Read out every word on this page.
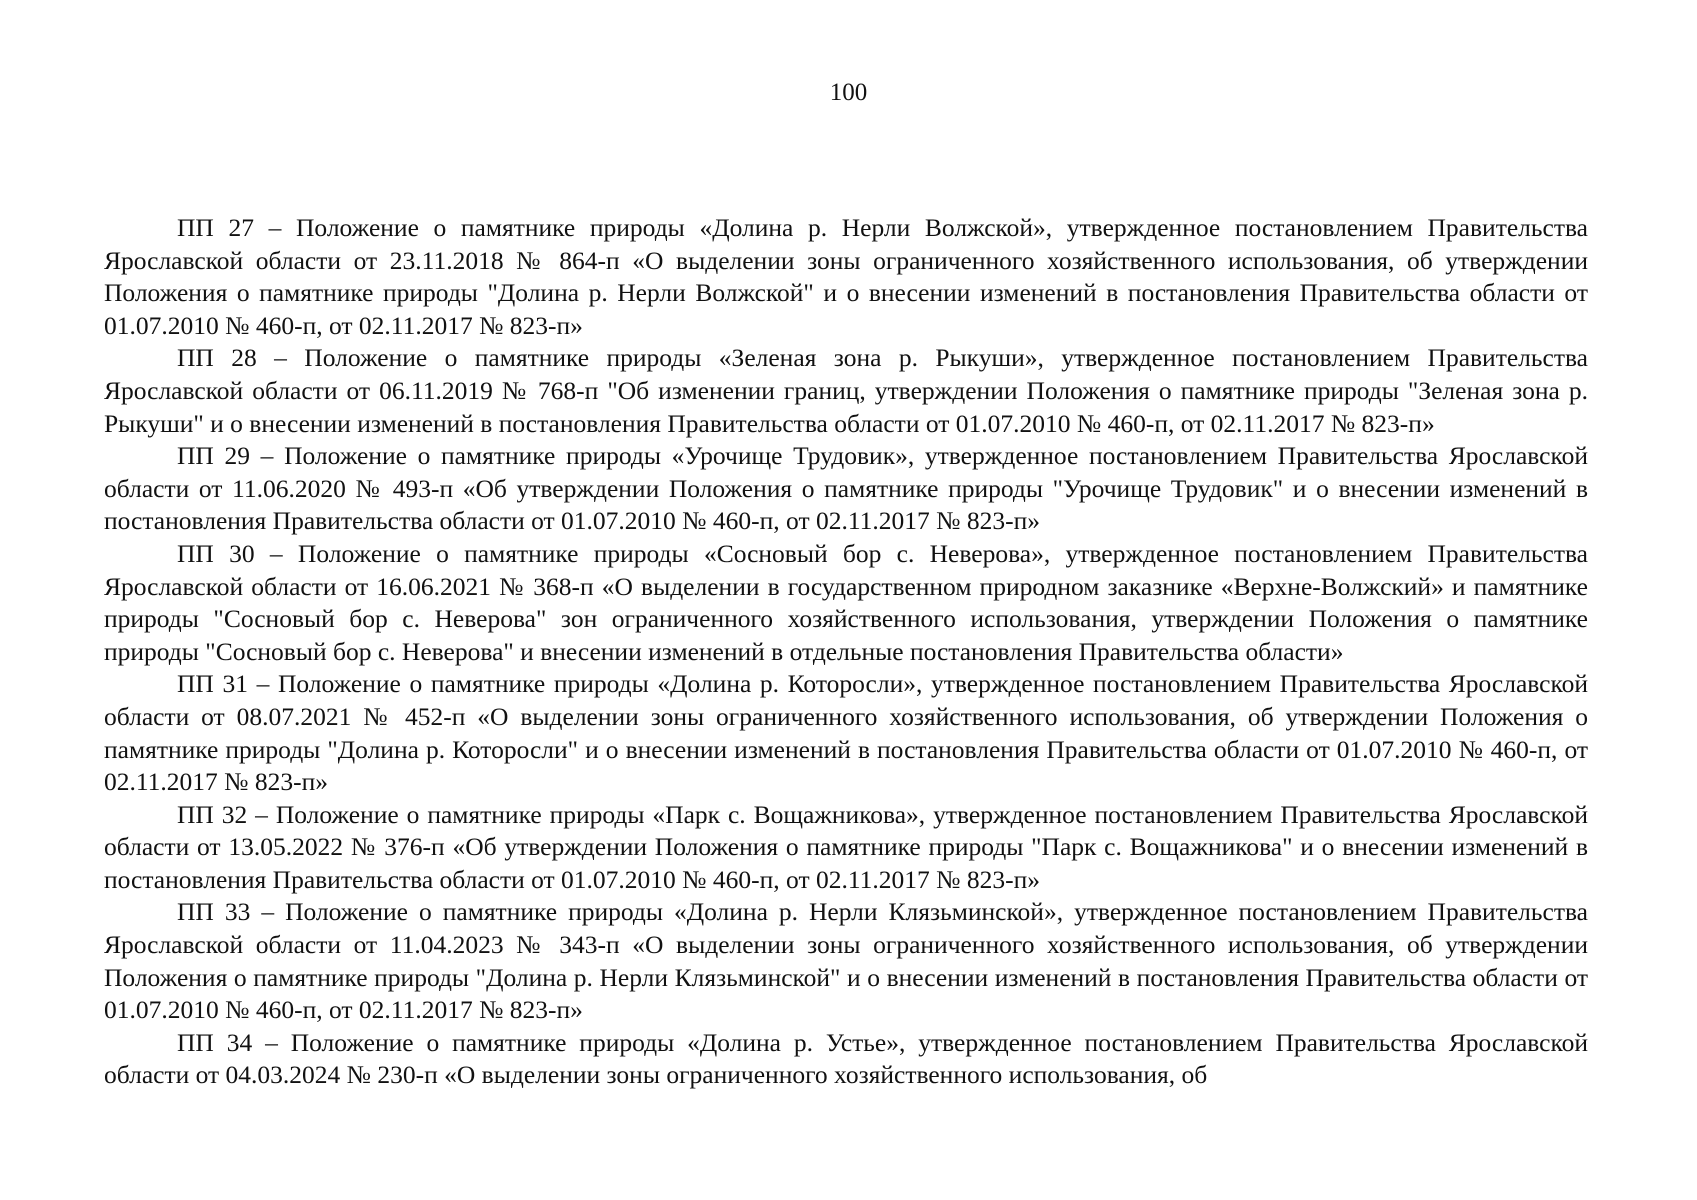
100

ПП 27 – Положение о памятнике природы «Долина р. Нерли Волжской», утвержденное постановлением Правительства Ярославской области от 23.11.2018 № 864-п «О выделении зоны ограниченного хозяйственного использования, об утверждении Положения о памятнике природы "Долина р. Нерли Волжской" и о внесении изменений в постановления Правительства области от 01.07.2010 № 460-п, от 02.11.2017 № 823-п»

ПП 28 – Положение о памятнике природы «Зеленая зона р. Рыкуши», утвержденное постановлением Правительства Ярославской области от 06.11.2019 № 768-п "Об изменении границ, утверждении Положения о памятнике природы "Зеленая зона р. Рыкуши" и о внесении изменений в постановления Правительства области от 01.07.2010 № 460-п, от 02.11.2017 № 823-п»

ПП 29 – Положение о памятнике природы «Урочище Трудовик», утвержденное постановлением Правительства Ярославской области от 11.06.2020 № 493-п «Об утверждении Положения о памятнике природы "Урочище Трудовик" и о внесении изменений в постановления Правительства области от 01.07.2010 № 460-п, от 02.11.2017 № 823-п»

ПП 30 – Положение о памятнике природы «Сосновый бор с. Неверова», утвержденное постановлением Правительства Ярославской области от 16.06.2021 № 368-п «О выделении в государственном природном заказнике «Верхне-Волжский» и памятнике природы "Сосновый бор с. Неверова" зон ограниченного хозяйственного использования, утверждении Положения о памятнике природы "Сосновый бор с. Неверова" и внесении изменений в отдельные постановления Правительства области»

ПП 31 – Положение о памятнике природы «Долина р. Которосли», утвержденное постановлением Правительства Ярославской области от 08.07.2021 № 452-п «О выделении зоны ограниченного хозяйственного использования, об утверждении Положения о памятнике природы "Долина р. Которосли" и о внесении изменений в постановления Правительства области от 01.07.2010 № 460-п, от 02.11.2017 № 823-п»

ПП 32 – Положение о памятнике природы «Парк с. Вощажникова», утвержденное постановлением Правительства Ярославской области от 13.05.2022 № 376-п «Об утверждении Положения о памятнике природы "Парк с. Вощажникова" и о внесении изменений в постановления Правительства области от 01.07.2010 № 460-п, от 02.11.2017 № 823-п»

ПП 33 – Положение о памятнике природы «Долина р. Нерли Клязьминской», утвержденное постановлением Правительства Ярославской области от 11.04.2023 № 343-п «О выделении зоны ограниченного хозяйственного использования, об утверждении Положения о памятнике природы "Долина р. Нерли Клязьминской" и о внесении изменений в постановления Правительства области от 01.07.2010 № 460-п, от 02.11.2017 № 823-п»

ПП 34 – Положение о памятнике природы «Долина р. Устье», утвержденное постановлением Правительства Ярославской области от 04.03.2024 № 230-п «О выделении зоны ограниченного хозяйственного использования, об
